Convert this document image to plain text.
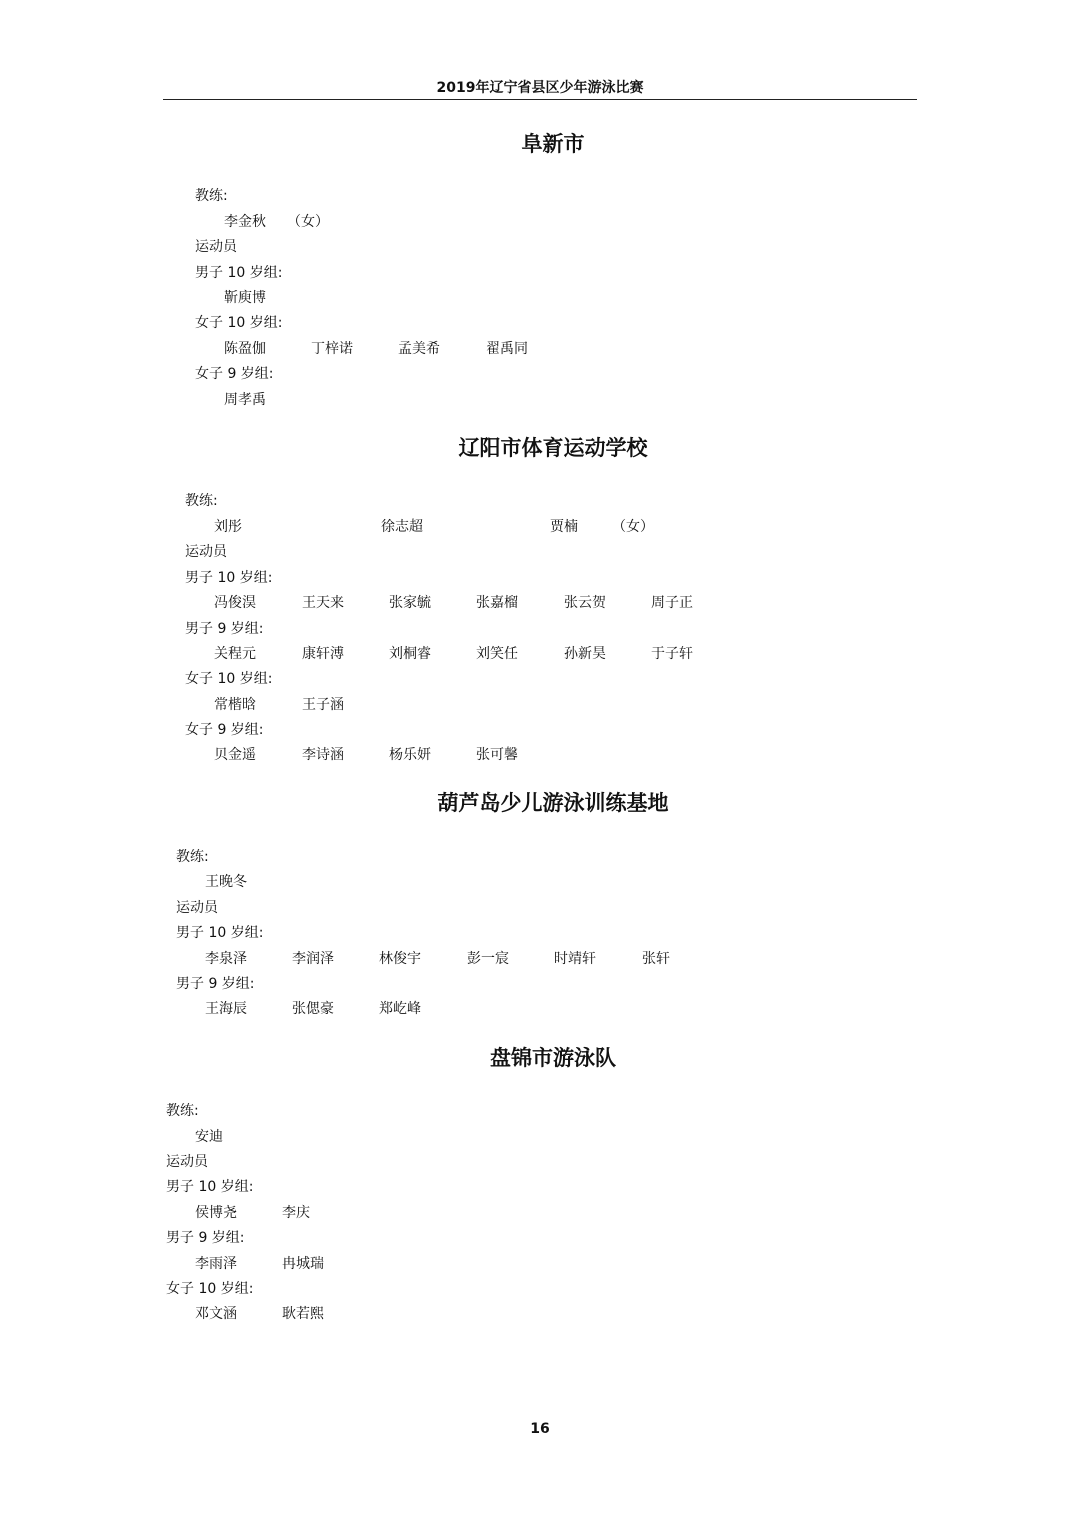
2019年辽宁省县区少年游泳比赛
阜新市
教练:
李金秋 （女）
运动员
男子 10 岁组:
靳庾博
女子 10 岁组:
陈盈伽	丁梓诺	孟美希	翟禹同
女子 9 岁组:
周孝禹
辽阳市体育运动学校
教练:
刘彤	徐志超	贾楠 （女）
运动员
男子 10 岁组:
冯俊淏	王天来	张家毓	张嘉榴	张云贺	周子正
男子 9 岁组:
关程元	康轩溥	刘桐睿	刘笑任	孙新昊	于子轩
女子 10 岁组:
常楷晗	王子涵
女子 9 岁组:
贝金遥	李诗涵	杨乐妍	张可馨
葫芦岛少儿游泳训练基地
教练:
王晚冬
运动员
男子 10 岁组:
李泉泽	李润泽	林俊宇	彭一宸	时靖轩	张轩
男子 9 岁组:
王海辰	张偲豪	郑屹峰
盘锦市游泳队
教练:
安迪
运动员
男子 10 岁组:
侯博尧	李庆
男子 9 岁组:
李雨泽	冉城瑞
女子 10 岁组:
邓文涵	耿若熙
16
